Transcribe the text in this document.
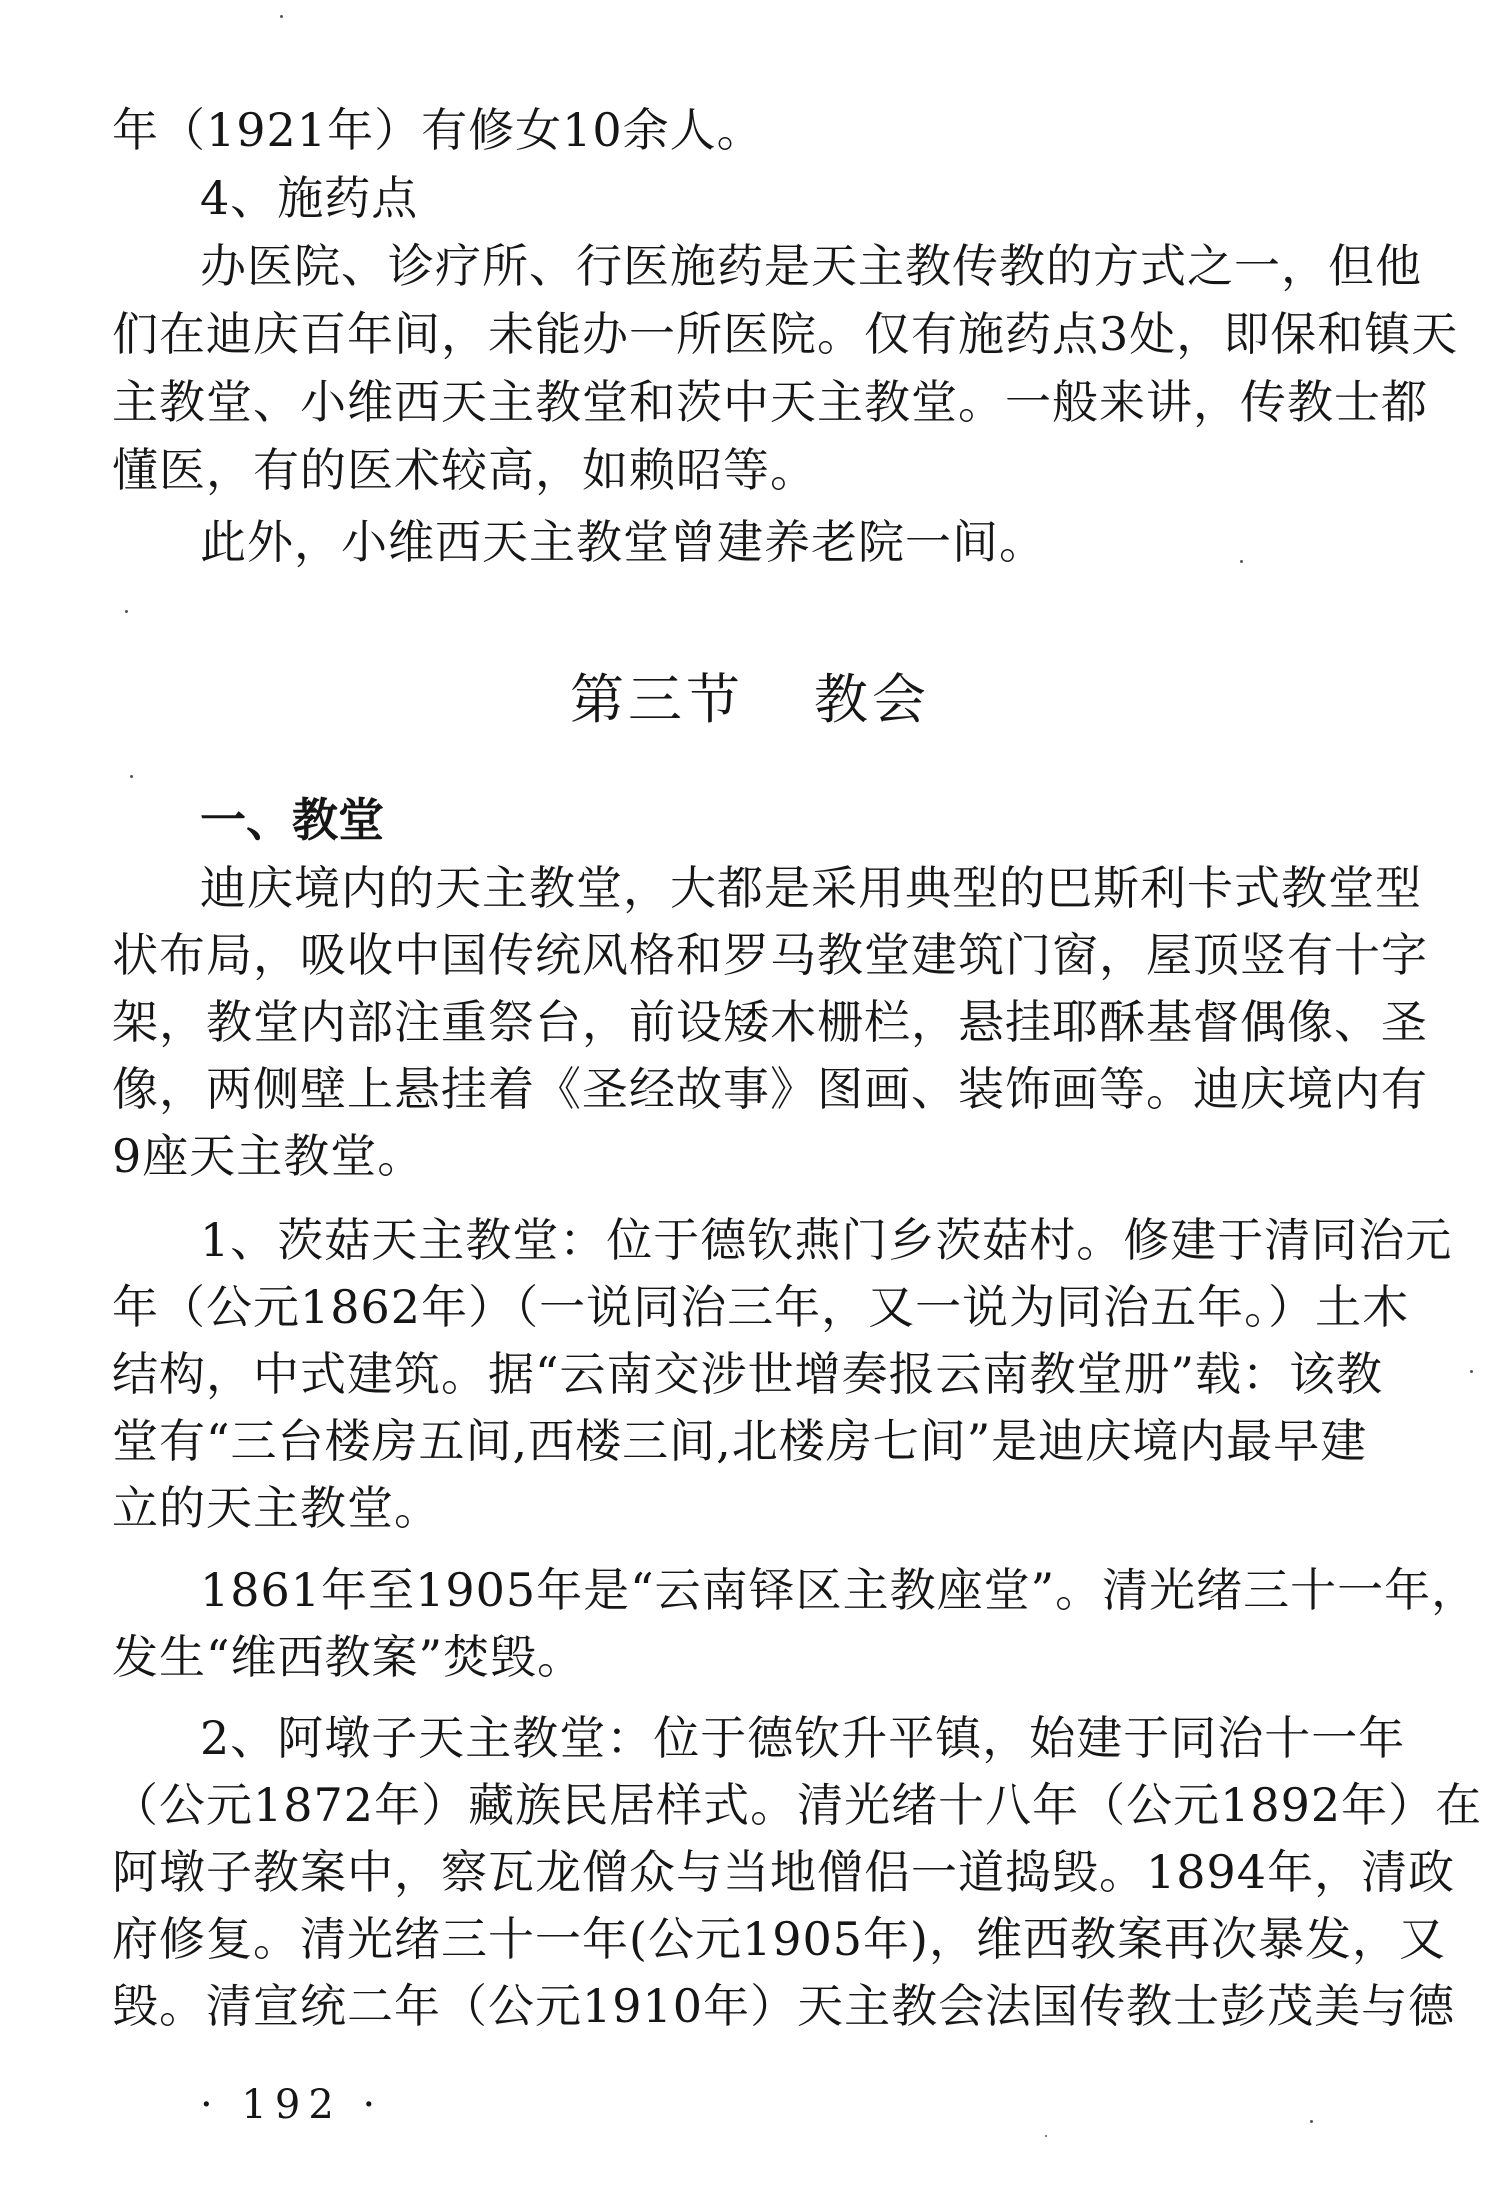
年（1921年）有修女10余人。
4、施药点
办医院、诊疗所、行医施药是天主教传教的方式之一，但他
们在迪庆百年间，未能办一所医院。仅有施药点3处，即保和镇天
主教堂、小维西天主教堂和茨中天主教堂。一般来讲，传教士都
懂医，有的医术较高，如赖昭等。
此外，小维西天主教堂曾建养老院一间。
第三节 教会
一、教堂
迪庆境内的天主教堂，大都是采用典型的巴斯利卡式教堂型
状布局，吸收中国传统风格和罗马教堂建筑门窗，屋顶竖有十字
架，教堂内部注重祭台，前设矮木栅栏，悬挂耶酥基督偶像、圣
像，两侧壁上悬挂着《圣经故事》图画、装饰画等。迪庆境内有
9座天主教堂。
1、茨菇天主教堂：位于德钦燕门乡茨菇村。修建于清同治元
年（公元1862年）（一说同治三年，又一说为同治五年。）土木
结构，中式建筑。据“云南交涉世增奏报云南教堂册”载：该教
堂有“三台楼房五间,西楼三间,北楼房七间”是迪庆境内最早建
立的天主教堂。
1861年至1905年是“云南铎区主教座堂”。清光绪三十一年，
发生“维西教案”焚毁。
2、阿墩子天主教堂：位于德钦升平镇，始建于同治十一年
（公元1872年）藏族民居样式。清光绪十八年（公元1892年）在
阿墩子教案中，察瓦龙僧众与当地僧侣一道捣毁。1894年，清政
府修复。清光绪三十一年(公元1905年)，维西教案再次暴发，又
毁。清宣统二年（公元1910年）天主教会法国传教士彭茂美与德
· 192 ·
